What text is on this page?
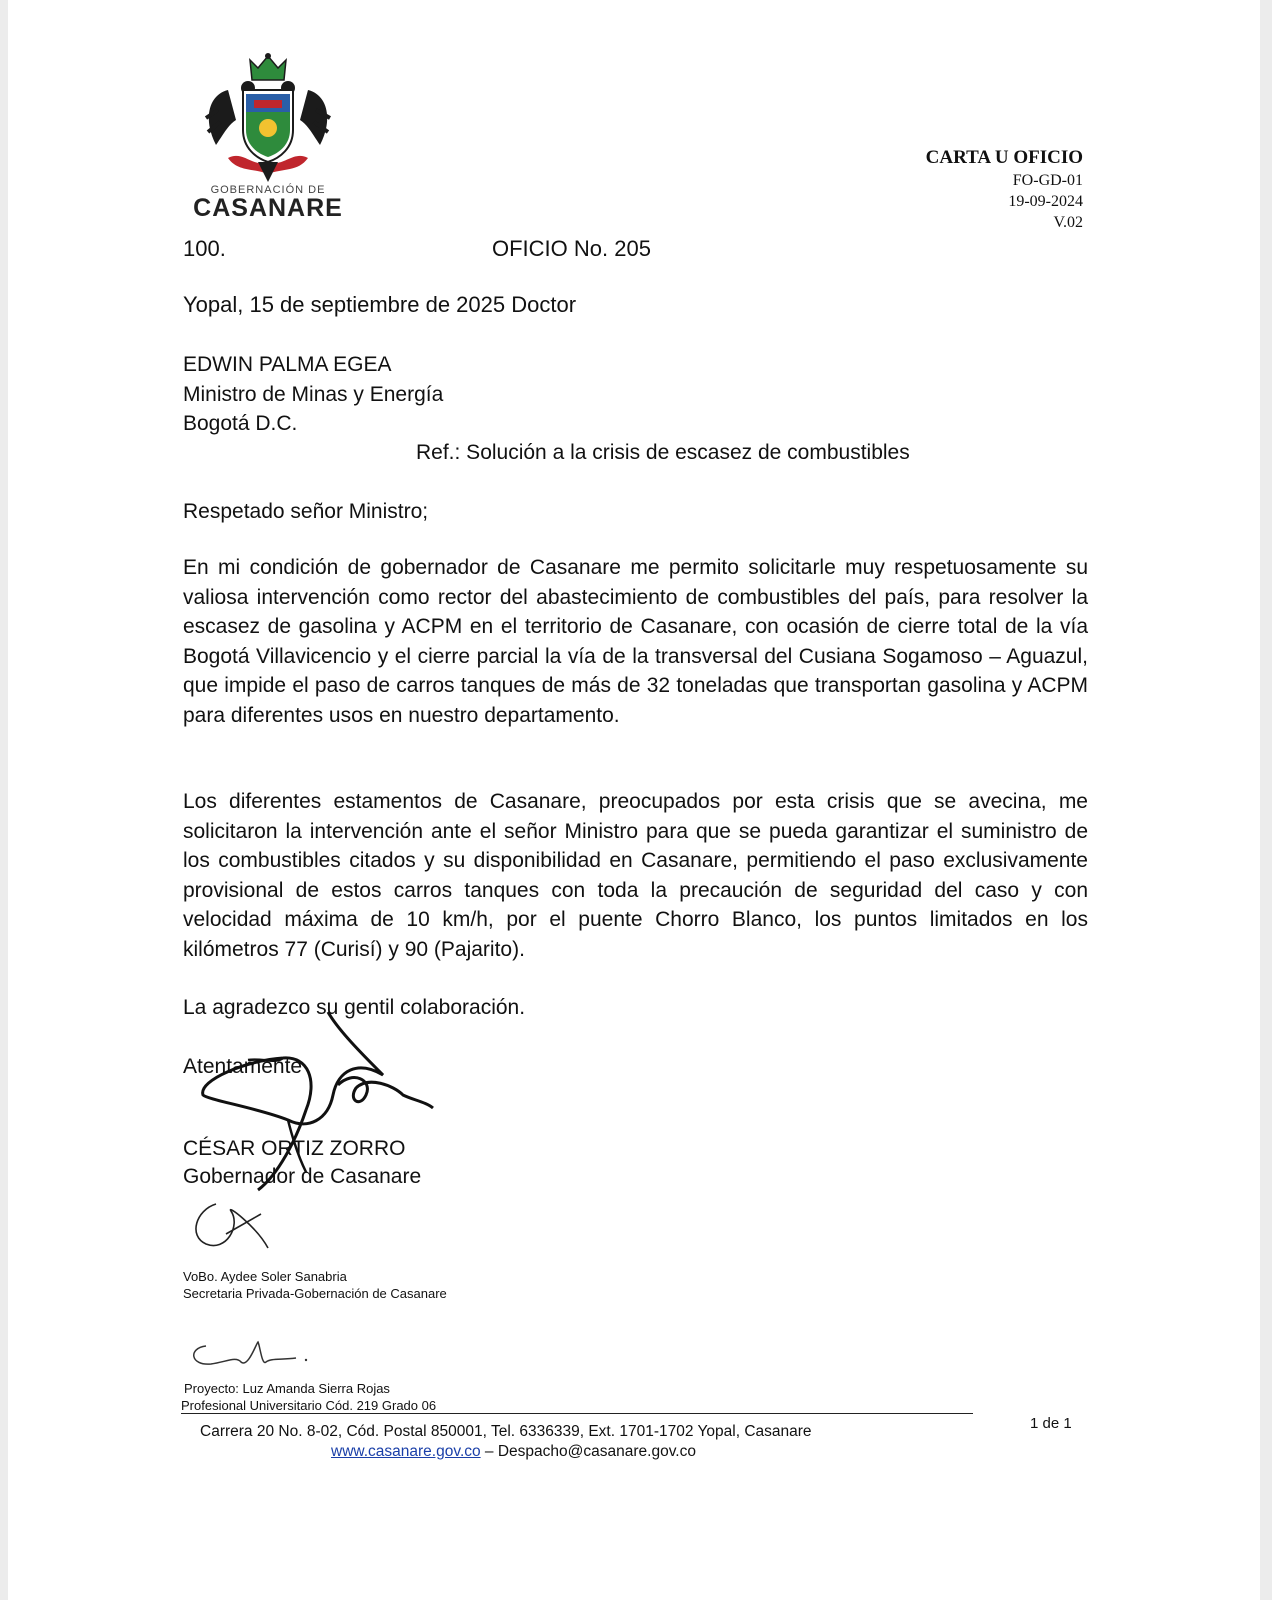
GOBERNACIÓN DE
CASANARE
CARTA U OFICIO
FO-GD-01
19-09-2024
V.02
100.	OFICIO No. 205
Yopal, 15 de septiembre de 2025 Doctor
EDWIN PALMA EGEA
Ministro de Minas y Energía
Bogotá D.C.
Ref.: Solución a la crisis de escasez de combustibles
Respetado señor Ministro;
En mi condición de gobernador de Casanare me permito solicitarle muy respetuosamente su valiosa intervención como rector del abastecimiento de combustibles del país, para resolver la escasez de gasolina y ACPM en el territorio de Casanare, con ocasión de cierre total de la vía Bogotá Villavicencio y el cierre parcial la vía de la transversal del Cusiana Sogamoso – Aguazul, que impide el paso de carros tanques de más de 32 toneladas que transportan gasolina y ACPM para diferentes usos en nuestro departamento.
Los diferentes estamentos de Casanare, preocupados por esta crisis que se avecina, me solicitaron la intervención ante el señor Ministro para que se pueda garantizar el suministro de los combustibles citados y su disponibilidad en Casanare, permitiendo el paso exclusivamente provisional de estos carros tanques con toda la precaución de seguridad del caso y con velocidad máxima de 10 km/h, por el puente Chorro Blanco, los puntos limitados en los kilómetros 77 (Curisí) y 90 (Pajarito).
La agradezco su gentil colaboración.
Atentamente
CÉSAR ORTIZ ZORRO
Gobernador de Casanare
VoBo. Aydee Soler Sanabria
Secretaria Privada-Gobernación de Casanare
Proyecto: Luz Amanda Sierra Rojas
Profesional Universitario Cód. 219 Grado 06
Carrera 20 No. 8-02, Cód. Postal 850001, Tel. 6336339, Ext. 1701-1702 Yopal, Casanare
www.casanare.gov.co – Despacho@casanare.gov.co
1 de 1
